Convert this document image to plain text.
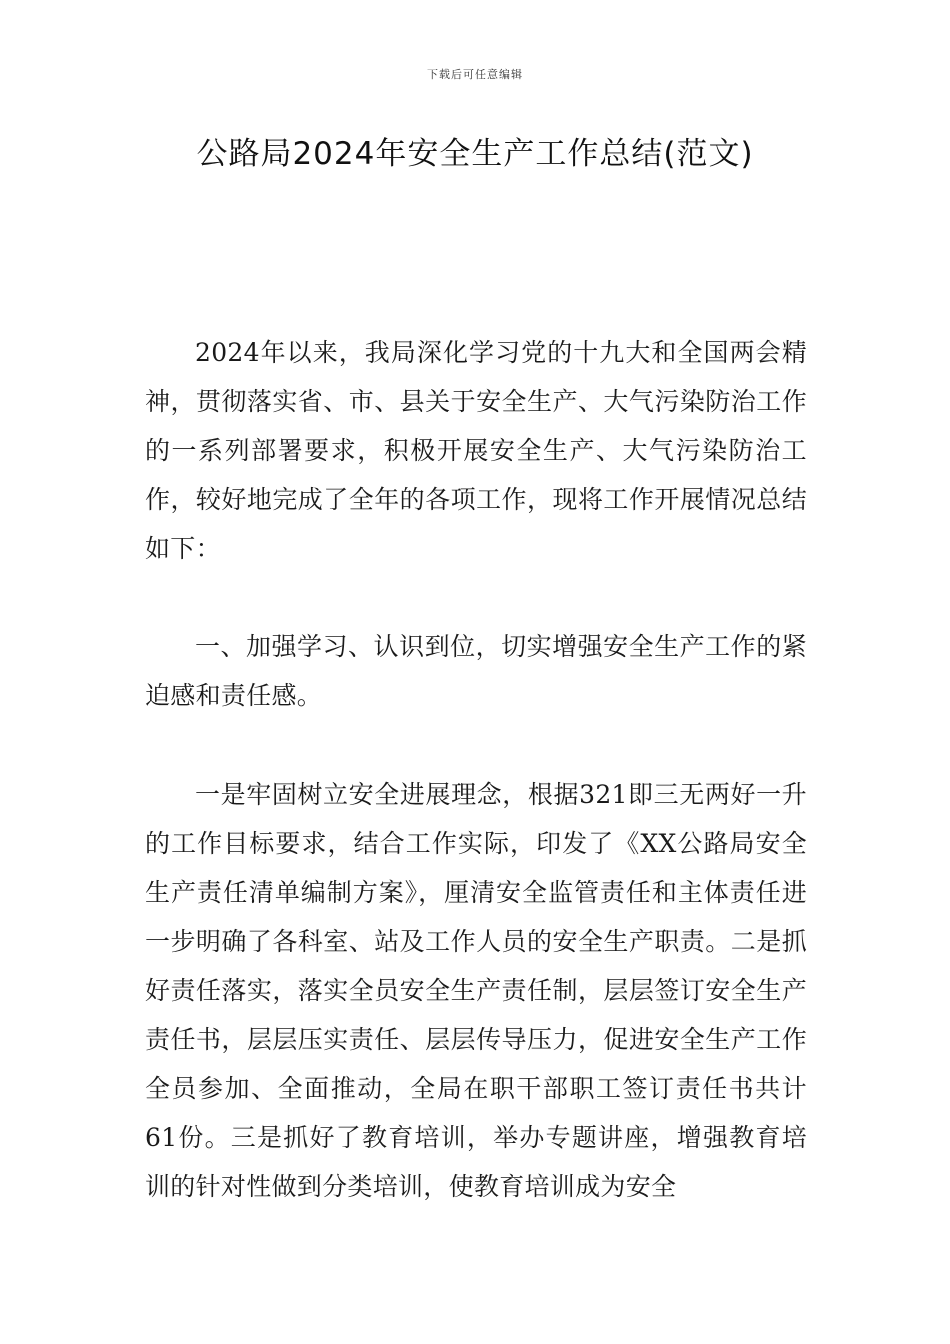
下载后可任意编辑
公路局2024年安全生产工作总结(范文)

2024年以来，我局深化学习党的十九大和全国两会精神，贯彻落实省、市、县关于安全生产、大气污染防治工作的一系列部署要求，积极开展安全生产、大气污染防治工作，较好地完成了全年的各项工作，现将工作开展情况总结如下：

一、加强学习、认识到位，切实增强安全生产工作的紧迫感和责任感。

一是牢固树立安全进展理念，根据321即三无两好一升的工作目标要求，结合工作实际，印发了《XX公路局安全生产责任清单编制方案》，厘清安全监管责任和主体责任进一步明确了各科室、站及工作人员的安全生产职责。二是抓好责任落实，落实全员安全生产责任制，层层签订安全生产责任书，层层压实责任、层层传导压力，促进安全生产工作全员参加、全面推动，全局在职干部职工签订责任书共计61份。三是抓好了教育培训，举办专题讲座，增强教育培训的针对性做到分类培训，使教育培训成为安全
